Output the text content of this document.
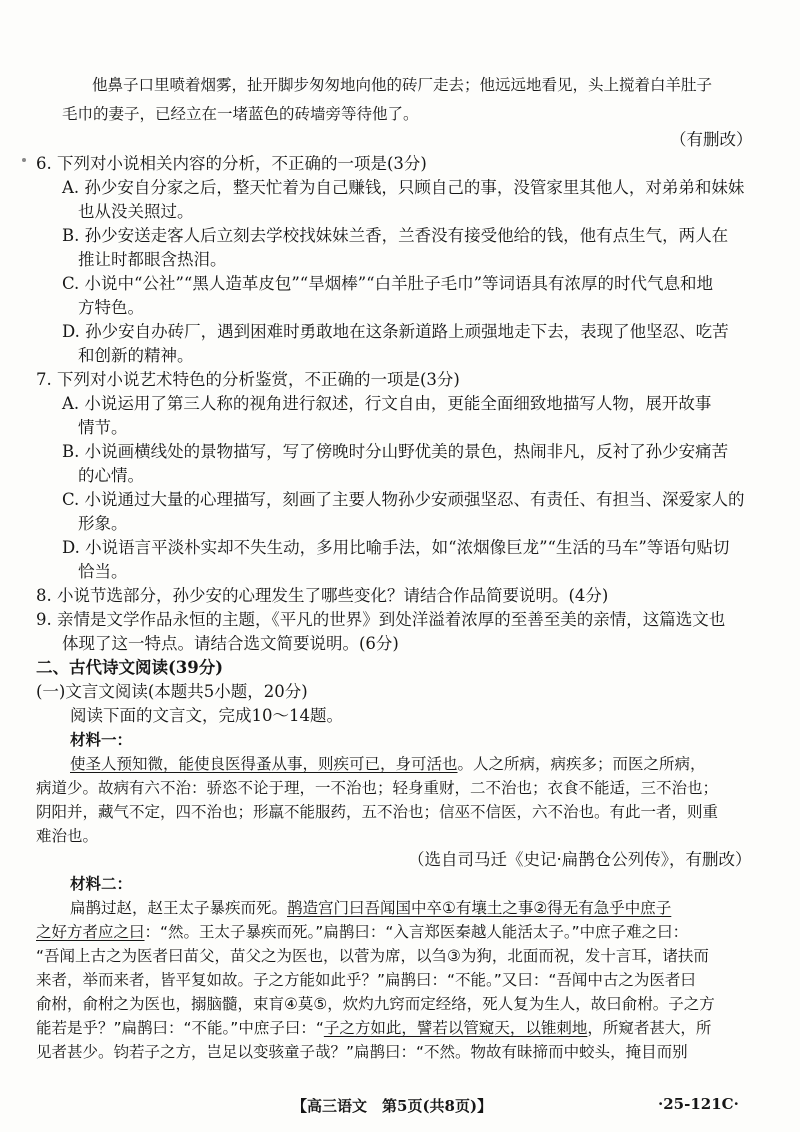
他鼻子口里喷着烟雾，扯开脚步匆匆地向他的砖厂走去；他远远地看见，头上搅着白羊肚子
毛巾的妻子，已经立在一堵蓝色的砖墙旁等待他了。
（有删改）
6. 下列对小说相关内容的分析，不正确的一项是(3分)
A. 孙少安自分家之后，整天忙着为自己赚钱，只顾自己的事，没管家里其他人，对弟弟和妹妹
也从没关照过。
B. 孙少安送走客人后立刻去学校找妹妹兰香，兰香没有接受他给的钱，他有点生气，两人在
推让时都眼含热泪。
C. 小说中“公社”“黑人造革皮包”“旱烟棒”“白羊肚子毛巾”等词语具有浓厚的时代气息和地
方特色。
D. 孙少安自办砖厂，遇到困难时勇敢地在这条新道路上顽强地走下去，表现了他坚忍、吃苦
和创新的精神。
7. 下列对小说艺术特色的分析鉴赏，不正确的一项是(3分)
A. 小说运用了第三人称的视角进行叙述，行文自由，更能全面细致地描写人物，展开故事
情节。
B. 小说画横线处的景物描写，写了傍晚时分山野优美的景色，热闹非凡，反衬了孙少安痛苦
的心情。
C. 小说通过大量的心理描写，刻画了主要人物孙少安顽强坚忍、有责任、有担当、深爱家人的
形象。
D. 小说语言平淡朴实却不失生动，多用比喻手法，如“浓烟像巨龙”“生活的马车”等语句贴切
恰当。
8. 小说节选部分，孙少安的心理发生了哪些变化？请结合作品简要说明。(4分)
9. 亲情是文学作品永恒的主题，《平凡的世界》到处洋溢着浓厚的至善至美的亲情，这篇选文也
体现了这一特点。请结合选文简要说明。(6分)
二、古代诗文阅读(39分)
(一)文言文阅读(本题共5小题，20分)
阅读下面的文言文，完成10～14题。
材料一：
使圣人预知微，能使良医得蚤从事，则疾可已，身可活也。人之所病，病疾多；而医之所病，
病道少。故病有六不治：骄恣不论于理，一不治也；轻身重财，二不治也；衣食不能适，三不治也；
阴阳并，藏气不定，四不治也；形羸不能服药，五不治也；信巫不信医，六不治也。有此一者，则重
难治也。
（选自司马迁《史记·扁鹊仓公列传》，有删改）
材料二：
扁鹊过赵，赵王太子暴疾而死。鹊造宫门曰吾闻国中卒①有壤土之事②得无有急乎中庶子
之好方者应之曰：“然。王太子暴疾而死。”扁鹊曰：“入言郑医秦越人能活太子。”中庶子难之曰：
“吾闻上古之为医者曰苗父，苗父之为医也，以菅为席，以刍③为狗，北面而祝，发十言耳，诸扶而
来者，举而来者，皆平复如故。子之方能如此乎？”扁鹊曰：“不能。”又曰：“吾闻中古之为医者曰
俞柎，俞柎之为医也，搦脑髓，束肓④莫⑤，炊灼九窍而定经络，死人复为生人，故曰俞柎。子之方
能若是乎？”扁鹊曰：“不能。”中庶子曰：“子之方如此，譬若以管窥天，以锥刺地，所窥者甚大，所
见者甚少。钧若子之方，岂足以变骇童子哉？”扁鹊曰：“不然。物故有昧揥而中蛟头，掩目而别
【高三语文　第5页(共8页)】	·25-121C·
